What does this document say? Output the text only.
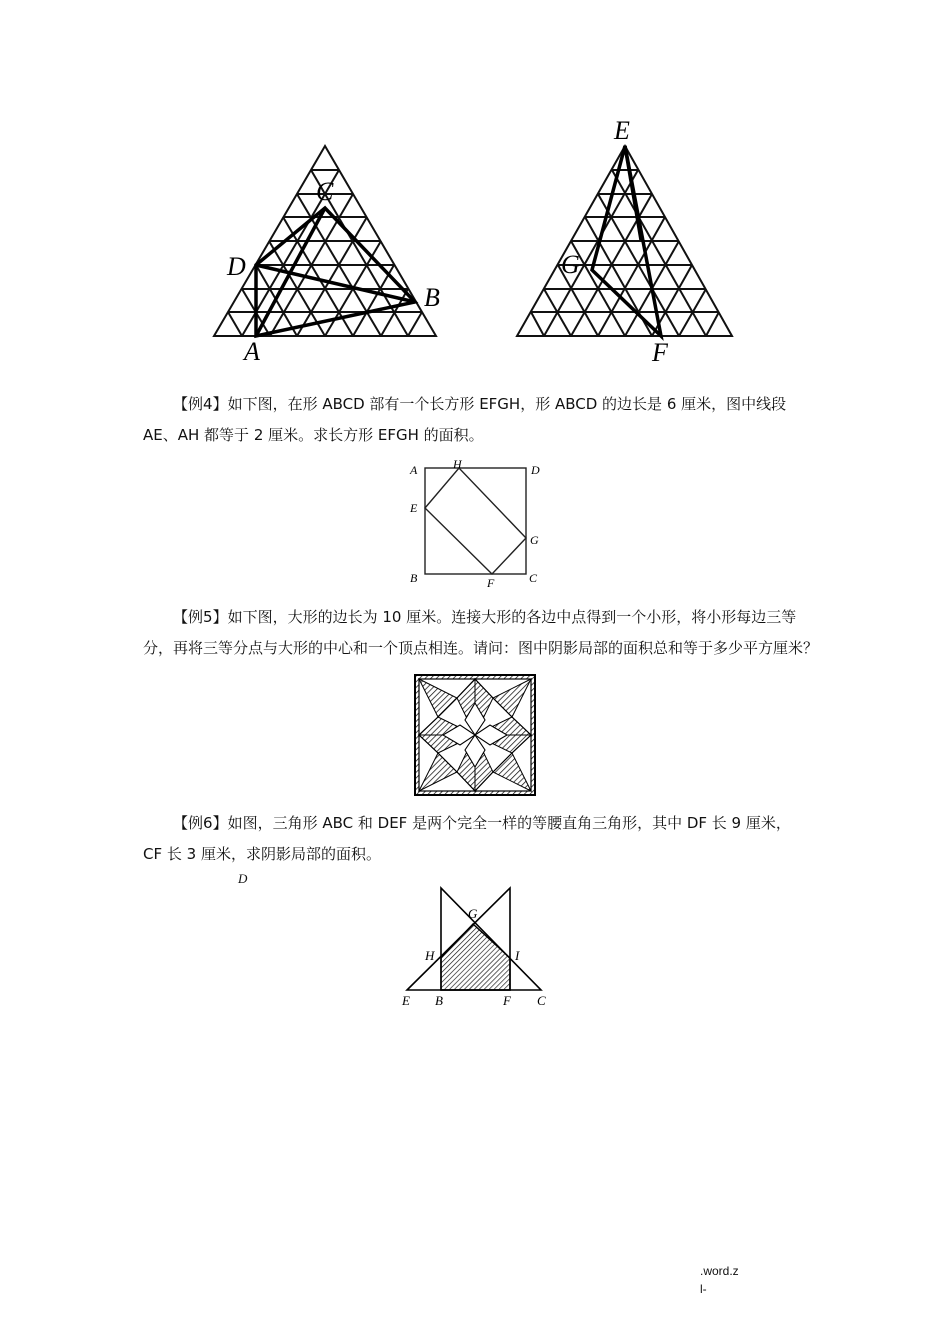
C
D
A
B
E
G
F

【例4】如下图，在形 ABCD 部有一个长方形 EFGH，形 ABCD 的边长是 6 厘米，图中线段
AE、AH 都等于 2 厘米。求长方形 EFGH 的面积。

A	H	D
E
G
B	F	C

【例5】如下图，大形的边长为 10 厘米。连接大形的各边中点得到一个小形，将小形每边三等
分，再将三等分点与大形的中心和一个顶点相连。请问：图中阴影局部的面积总和等于多少平方厘米？

【例6】如图，三角形 ABC 和 DEF 是两个完全一样的等腰直角三角形，其中 DF 长 9 厘米，
CF 长 3 厘米，求阴影局部的面积。

D
G
H	I
E B	F C
.word.z
l-
